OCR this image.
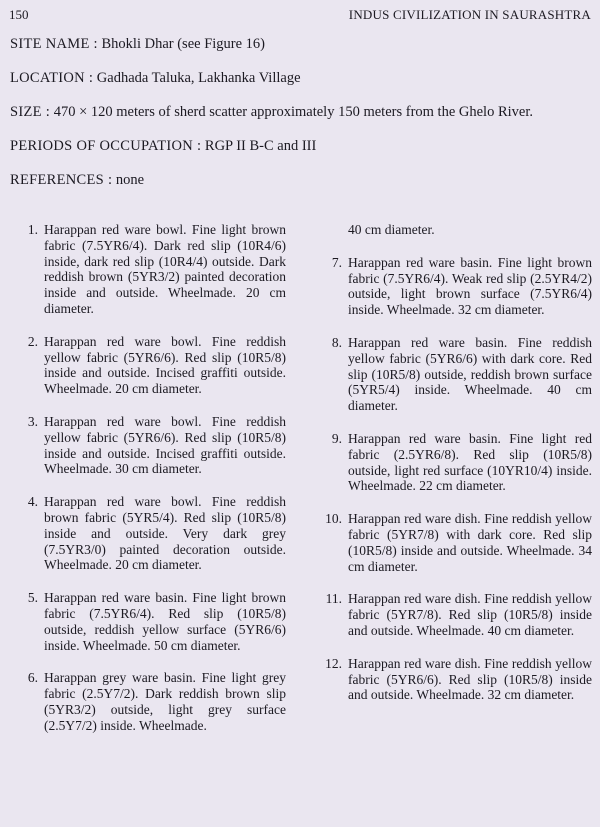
150	INDUS CIVILIZATION IN SAURASHTRA
SITE NAME : Bhokli Dhar (see Figure 16)
LOCATION : Gadhada Taluka, Lakhanka Village
SIZE : 470 × 120 meters of sherd scatter approximately 150 meters from the Ghelo River.
PERIODS OF OCCUPATION : RGP II B-C and III
REFERENCES : none
1. Harappan red ware bowl. Fine light brown fabric (7.5YR6/4). Dark red slip (10R4/6) inside, dark red slip (10R4/4) outside. Dark reddish brown (5YR3/2) painted decoration inside and outside. Wheelmade. 20 cm diameter.
2. Harappan red ware bowl. Fine reddish yellow fabric (5YR6/6). Red slip (10R5/8) inside and outside. Incised graffiti outside. Wheelmade. 20 cm diameter.
3. Harappan red ware bowl. Fine reddish yellow fabric (5YR6/6). Red slip (10R5/8) inside and outside. Incised graffiti outside. Wheelmade. 30 cm diameter.
4. Harappan red ware bowl. Fine reddish brown fabric (5YR5/4). Red slip (10R5/8) inside and outside. Very dark grey (7.5YR3/0) painted decoration outside. Wheelmade. 20 cm diameter.
5. Harappan red ware basin. Fine light brown fabric (7.5YR6/4). Red slip (10R5/8) outside, reddish yellow surface (5YR6/6) inside. Wheelmade. 50 cm diameter.
6. Harappan grey ware basin. Fine light grey fabric (2.5Y7/2). Dark reddish brown slip (5YR3/2) outside, light grey surface (2.5Y7/2) inside. Wheelmade.
40 cm diameter.
7. Harappan red ware basin. Fine light brown fabric (7.5YR6/4). Weak red slip (2.5YR4/2) outside, light brown surface (7.5YR6/4) inside. Wheelmade. 32 cm diameter.
8. Harappan red ware basin. Fine reddish yellow fabric (5YR6/6) with dark core. Red slip (10R5/8) outside, reddish brown surface (5YR5/4) inside. Wheelmade. 40 cm diameter.
9. Harappan red ware basin. Fine light red fabric (2.5YR6/8). Red slip (10R5/8) outside, light red surface (10YR10/4) inside. Wheelmade. 22 cm diameter.
10. Harappan red ware dish. Fine reddish yellow fabric (5YR7/8) with dark core. Red slip (10R5/8) inside and outside. Wheelmade. 34 cm diameter.
11. Harappan red ware dish. Fine reddish yellow fabric (5YR7/8). Red slip (10R5/8) inside and outside. Wheelmade. 40 cm diameter.
12. Harappan red ware dish. Fine reddish yellow fabric (5YR6/6). Red slip (10R5/8) inside and outside. Wheelmade. 32 cm diameter.
